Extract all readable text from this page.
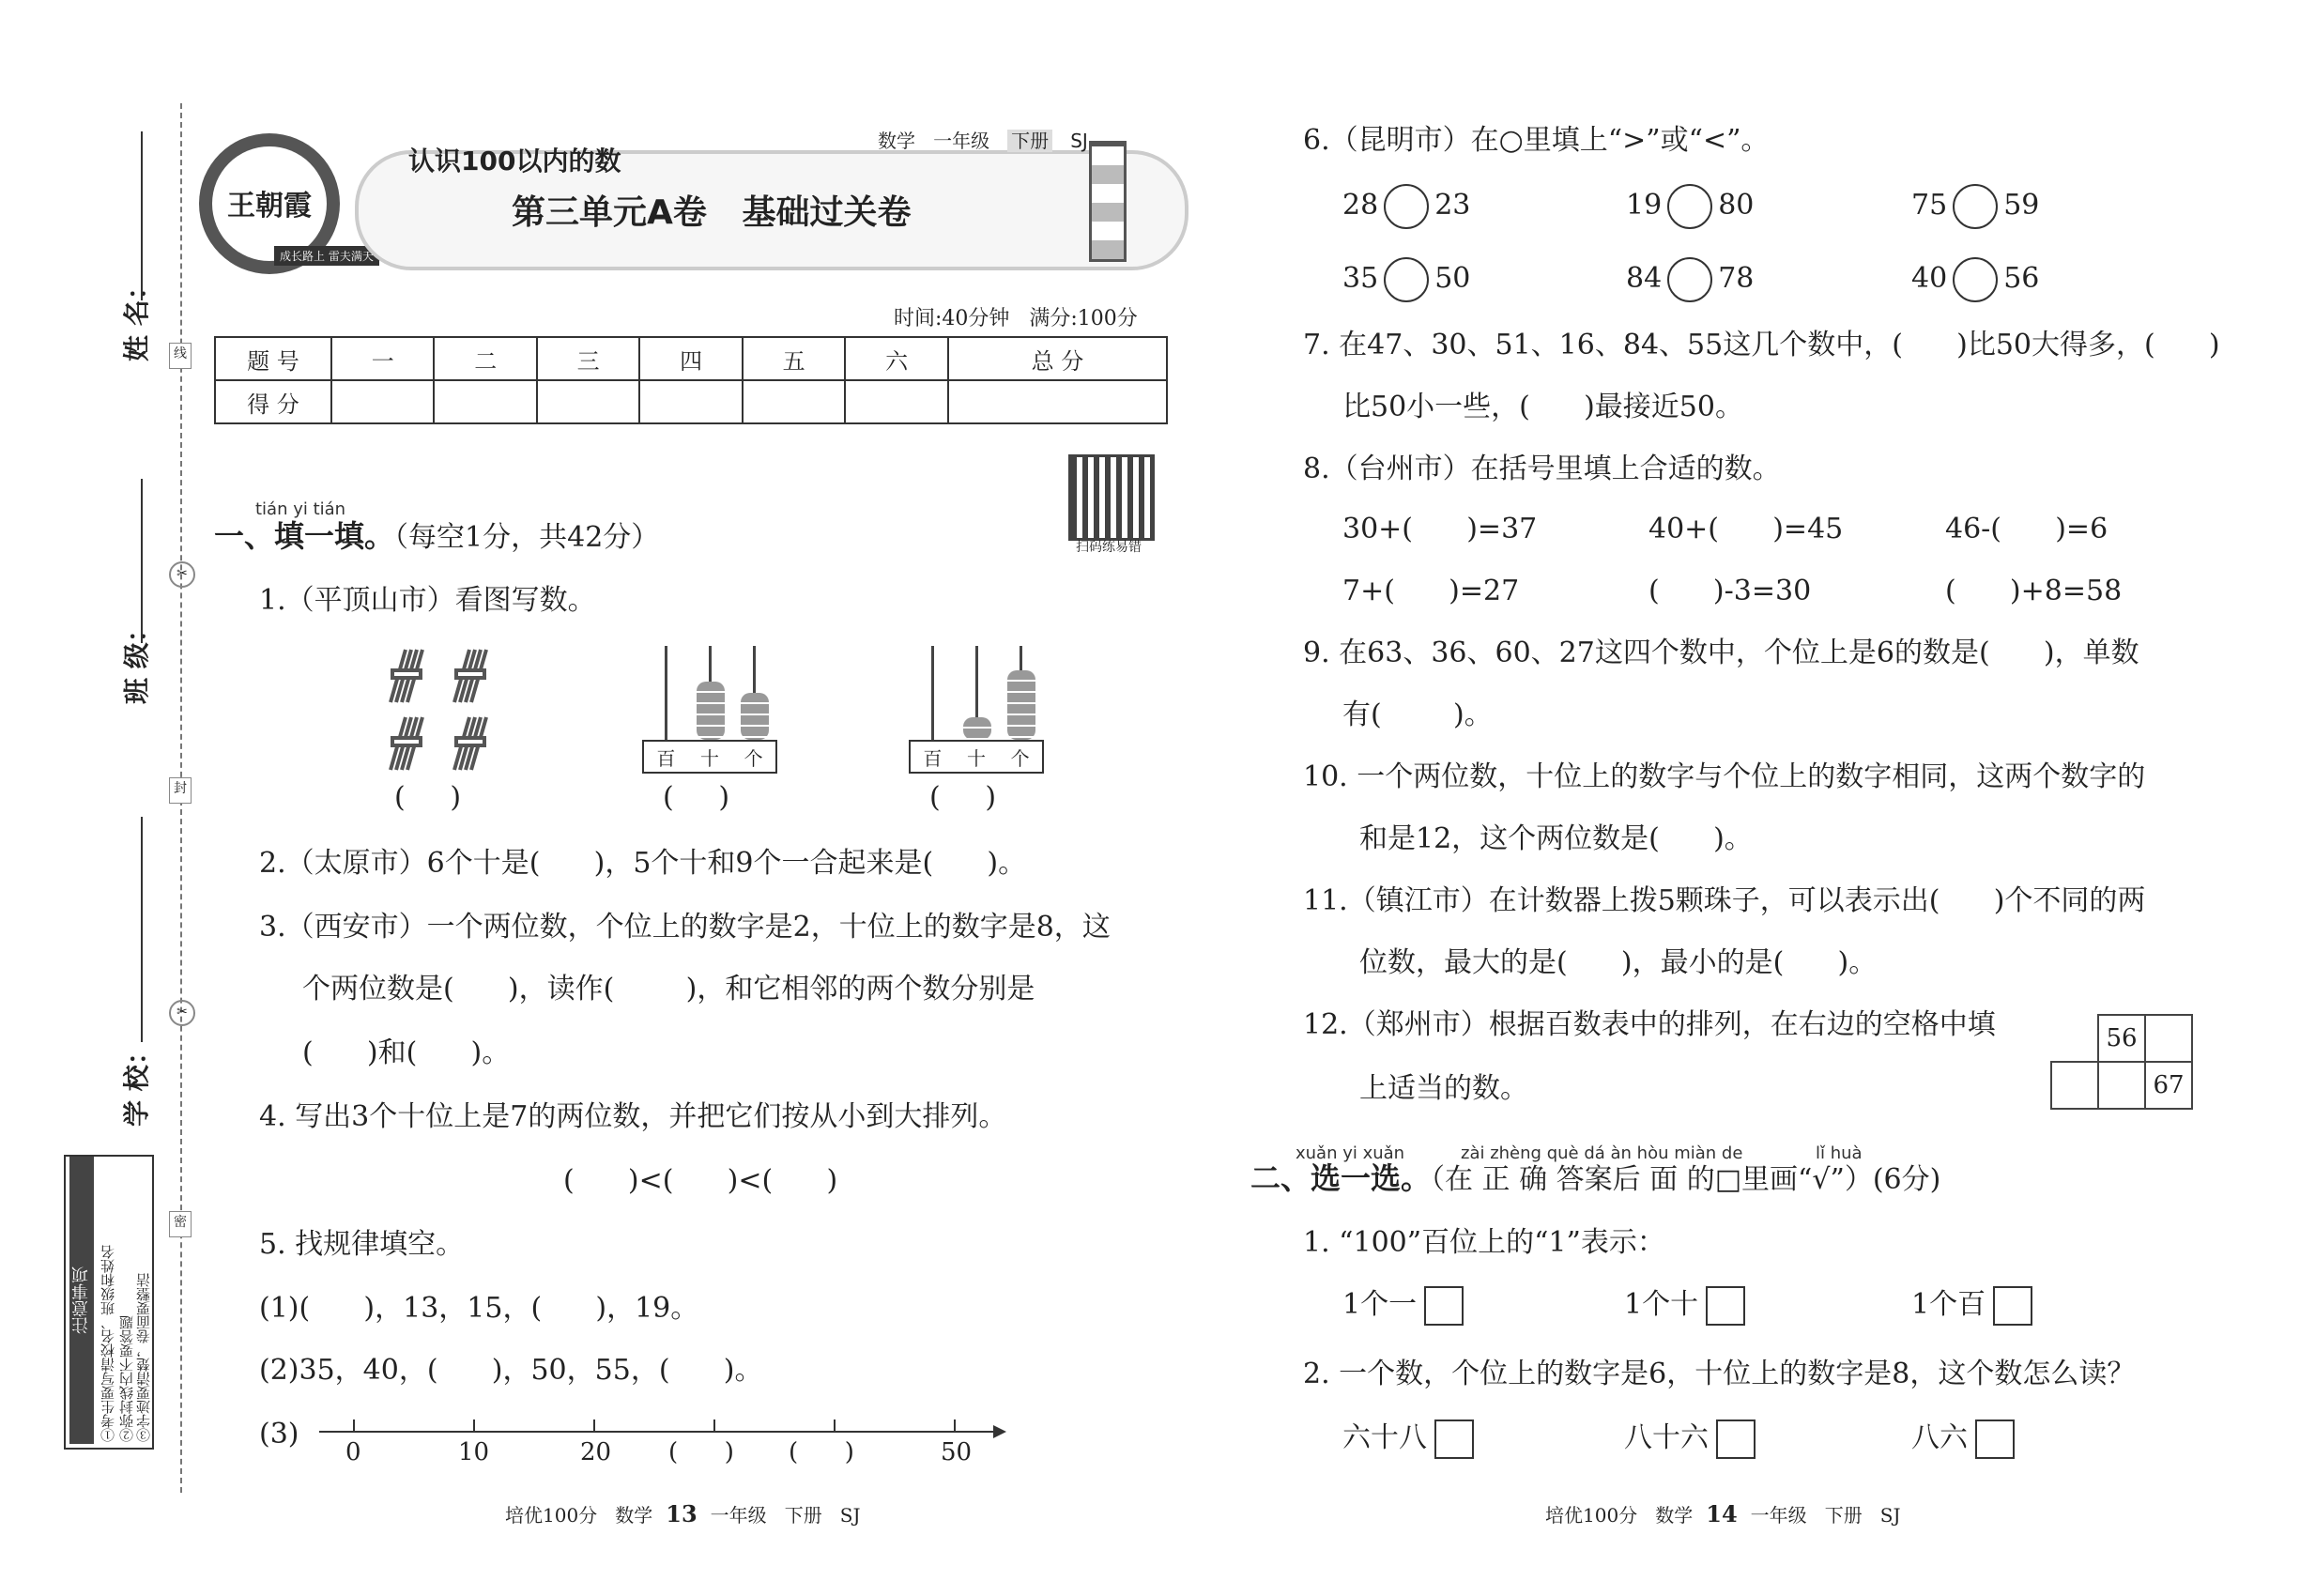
姓 名：
班 级：
学 校：
线
✂
封
✂
密
注意事项 ①考生要写清校名、班级和姓名 ②弥封线内不要答题 ③字迹要清楚，卷面要整洁
王朝霞
成长路上 雷夫满天
认识100以内的数
数学 一年级 下册 SJ
第三单元A卷   基础过关卷
时间:40分钟   满分:100分
题 号	一	二	三	四	五	六	总 分
得 分							
扫码练易错
tián yi tián
一、填一填。（每空1分，共42分）
1.（平顶山市）看图写数。
百 十 个	百 十 个
(     )	(     )	(     )
2.（太原市）6个十是(      )，5个十和9个一合起来是(      )。
3.（西安市）一个两位数，个位上的数字是2，十位上的数字是8，这
个两位数是(      )，读作(        )，和它相邻的两个数分别是
(      )和(      )。
4. 写出3个十位上是7的两位数，并把它们按从小到大排列。
(      )<(      )<(      )
5. 找规律填空。
(1)(      )，13，15，(      )，19。
(2)35，40，(      )，50，55，(      )。
(3)
0	10	20 (      ) (      )	50
培优100分   数学 13 一年级   下册   SJ
6.（昆明市）在○里填上“>”或“<”。
28 23	19 80	75 59
35 50	84 78	40 56
7. 在47、30、51、16、84、55这几个数中，(      )比50大得多，(      )
比50小一些，(      )最接近50。
8.（台州市）在括号里填上合适的数。
30+(      )=37	40+(      )=45	46-(      )=6
7+(      )=27	(      )-3=30	(      )+8=58
9. 在63、36、60、27这四个数中，个位上是6的数是(      )，单数
有(        )。
10. 一个两位数，十位上的数字与个位上的数字相同，这两个数字的
和是12，这个两位数是(      )。
11.（镇江市）在计数器上拨5颗珠子，可以表示出(      )个不同的两
位数，最大的是(      )，最小的是(      )。
12.（郑州市）根据百数表中的排列，在右边的空格中填
上适当的数。
	56	
		67
xuǎn yi xuǎn	zài zhèng què dá àn hòu miàn de	lǐ huà
二、选一选。（在 正 确 答案后 面 的□里画“√”）(6分)
1. “100”百位上的“1”表示：
1个一	1个十	1个百
2. 一个数，个位上的数字是6，十位上的数字是8，这个数怎么读？
六十八	八十六	八六
培优100分   数学 14 一年级   下册   SJ
